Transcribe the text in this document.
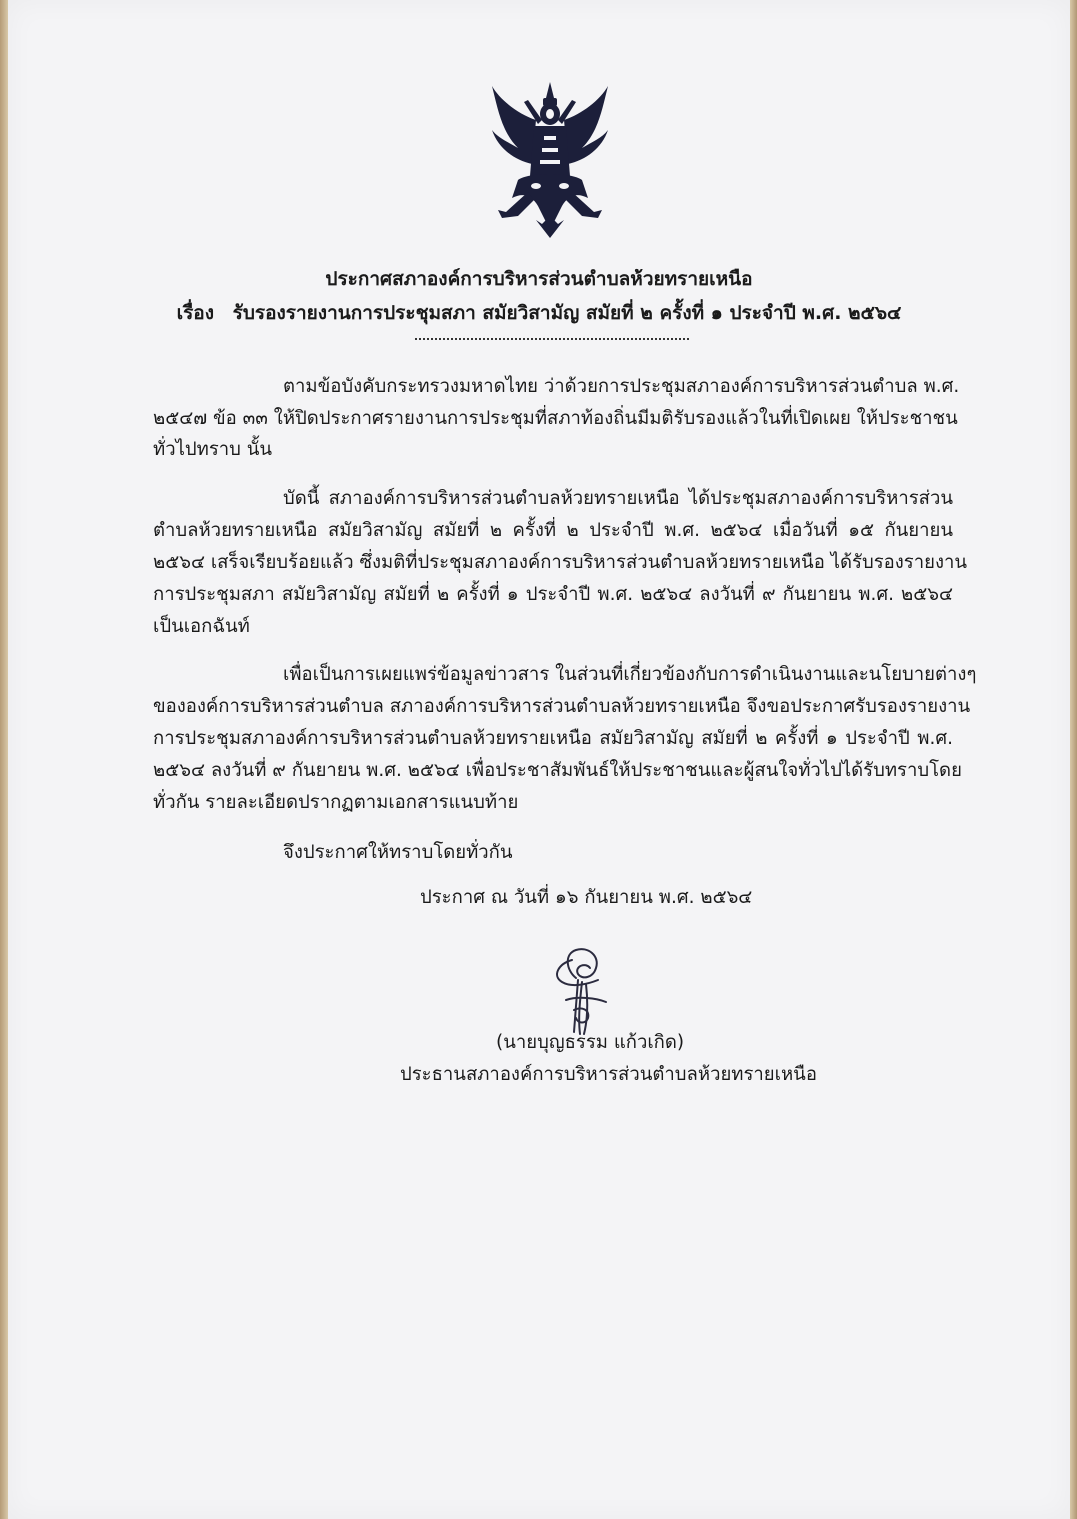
ประกาศสภาองค์การบริหารส่วนตำบลห้วยทรายเหนือ
เรื่อง รับรองรายงานการประชุมสภา สมัยวิสามัญ สมัยที่ ๒ ครั้งที่ ๑ ประจำปี พ.ศ. ๒๕๖๔
ตามข้อบังคับกระทรวงมหาดไทย ว่าด้วยการประชุมสภาองค์การบริหารส่วนตำบล พ.ศ.
๒๕๔๗ ข้อ ๓๓ ให้ปิดประกาศรายงานการประชุมที่สภาท้องถิ่นมีมติรับรองแล้วในที่เปิดเผย ให้ประชาชน
ทั่วไปทราบ นั้น
บัดนี้ สภาองค์การบริหารส่วนตำบลห้วยทรายเหนือ ได้ประชุมสภาองค์การบริหารส่วน
ตำบลห้วยทรายเหนือ สมัยวิสามัญ สมัยที่ ๒ ครั้งที่ ๒ ประจำปี พ.ศ. ๒๕๖๔ เมื่อวันที่ ๑๕ กันยายน
๒๕๖๔ เสร็จเรียบร้อยแล้ว ซึ่งมติที่ประชุมสภาองค์การบริหารส่วนตำบลห้วยทรายเหนือ ได้รับรองรายงาน
การประชุมสภา สมัยวิสามัญ สมัยที่ ๒ ครั้งที่ ๑ ประจำปี พ.ศ. ๒๕๖๔ ลงวันที่ ๙ กันยายน พ.ศ. ๒๕๖๔
เป็นเอกฉันท์
เพื่อเป็นการเผยแพร่ข้อมูลข่าวสาร ในส่วนที่เกี่ยวข้องกับการดำเนินงานและนโยบายต่างๆ
ขององค์การบริหารส่วนตำบล สภาองค์การบริหารส่วนตำบลห้วยทรายเหนือ จึงขอประกาศรับรองรายงาน
การประชุมสภาองค์การบริหารส่วนตำบลห้วยทรายเหนือ สมัยวิสามัญ สมัยที่ ๒ ครั้งที่ ๑ ประจำปี พ.ศ.
๒๕๖๔ ลงวันที่ ๙ กันยายน พ.ศ. ๒๕๖๔ เพื่อประชาสัมพันธ์ให้ประชาชนและผู้สนใจทั่วไปได้รับทราบโดย
ทั่วกัน รายละเอียดปรากฏตามเอกสารแนบท้าย
จึงประกาศให้ทราบโดยทั่วกัน
ประกาศ ณ วันที่ ๑๖ กันยายน พ.ศ. ๒๕๖๔
(นายบุญธรรม แก้วเกิด)
ประธานสภาองค์การบริหารส่วนตำบลห้วยทรายเหนือ
